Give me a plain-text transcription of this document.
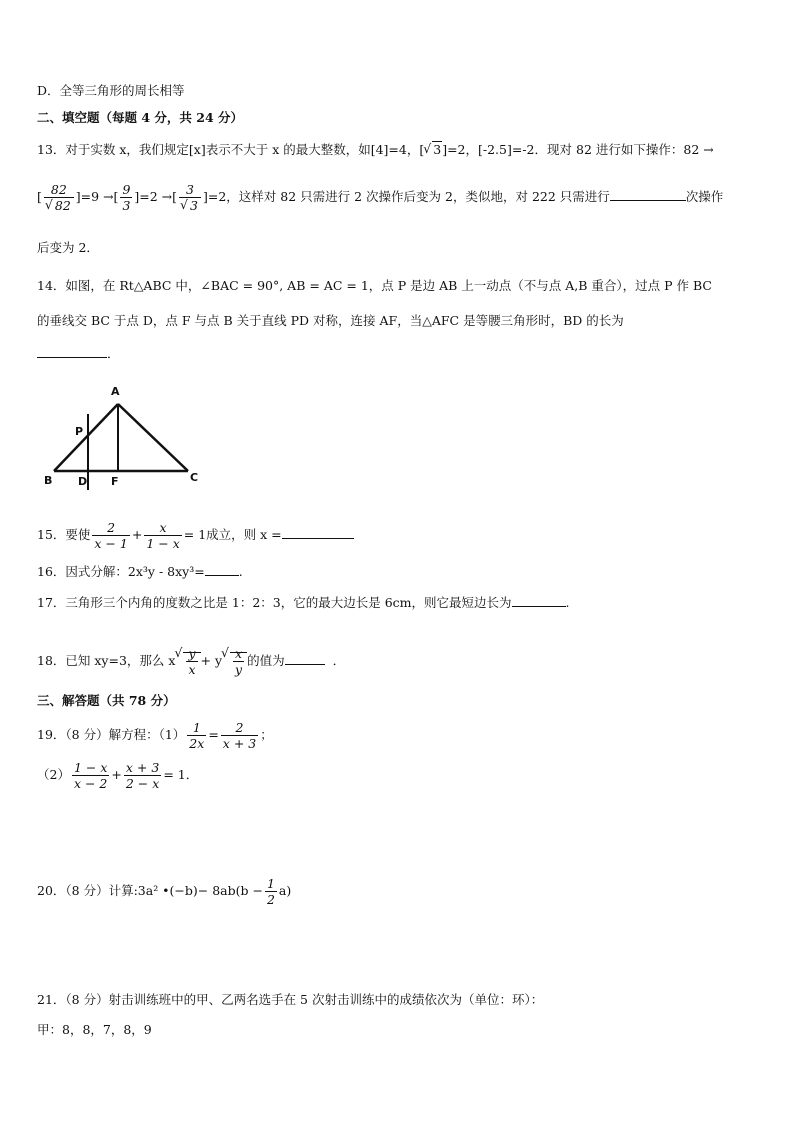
D．全等三角形的周长相等
二、填空题（每题 4 分，共 24 分）
13．对于实数 x，我们规定[x]表示不大于 x 的最大整数，如[4]=4，[ √ 3]=2，[-2.5]=-2．现对 82 进行如下操作：82 →
[ 82
√ 82 ]=9 →[ $\frac{9}{3} ]=2$ →[ 3
√ 3 ]=2，这样对 82 只需进行 2 次操作后变为 2，类似地，对 222 只需进行	次操作
后变为 2．
14．如图，在 Rt△ABC 中，∠BAC = 90°, AB = AC = 1，点 P 是边 AB 上一动点（不与点 A,B 重合），过点 P 作 BC
的垂线交 BC 于点 D，点 F 与点 B 关于直线 PD 对称，连接 AF，当△AFC 是等腰三角形时，BD 的长为
．
A
P
B D F	C
15．要使 $\frac{2}{x - 1} + \frac{x}{1 - x} = 1$成立，则 x =
16．因式分解：2x³y - 8xy³=	.
17．三角形三个内角的度数之比是 1：2：3，它的最大边长是 6cm，则它最短边长为	.
18．已知 xy=3，那么 x √ $\frac{y}{x} + y$ √ $\frac{x}{y}$ 的值为	．
三、解答题（共 78 分）
19．（8 分）解方程：$(1) \frac{1}{2x} = \frac{2}{x + 3}$ ；
$(2) \frac{1 - x}{x - 2} + \frac{x + 3}{2 - x} = 1$．
20．（8 分）计算:3a² •(−b)− $8ab(b - \frac{1}{2} a)$
21．（8 分）射击训练班中的甲、乙两名选手在 5 次射击训练中的成绩依次为（单位：环）：
甲：8，8，7，8，9
